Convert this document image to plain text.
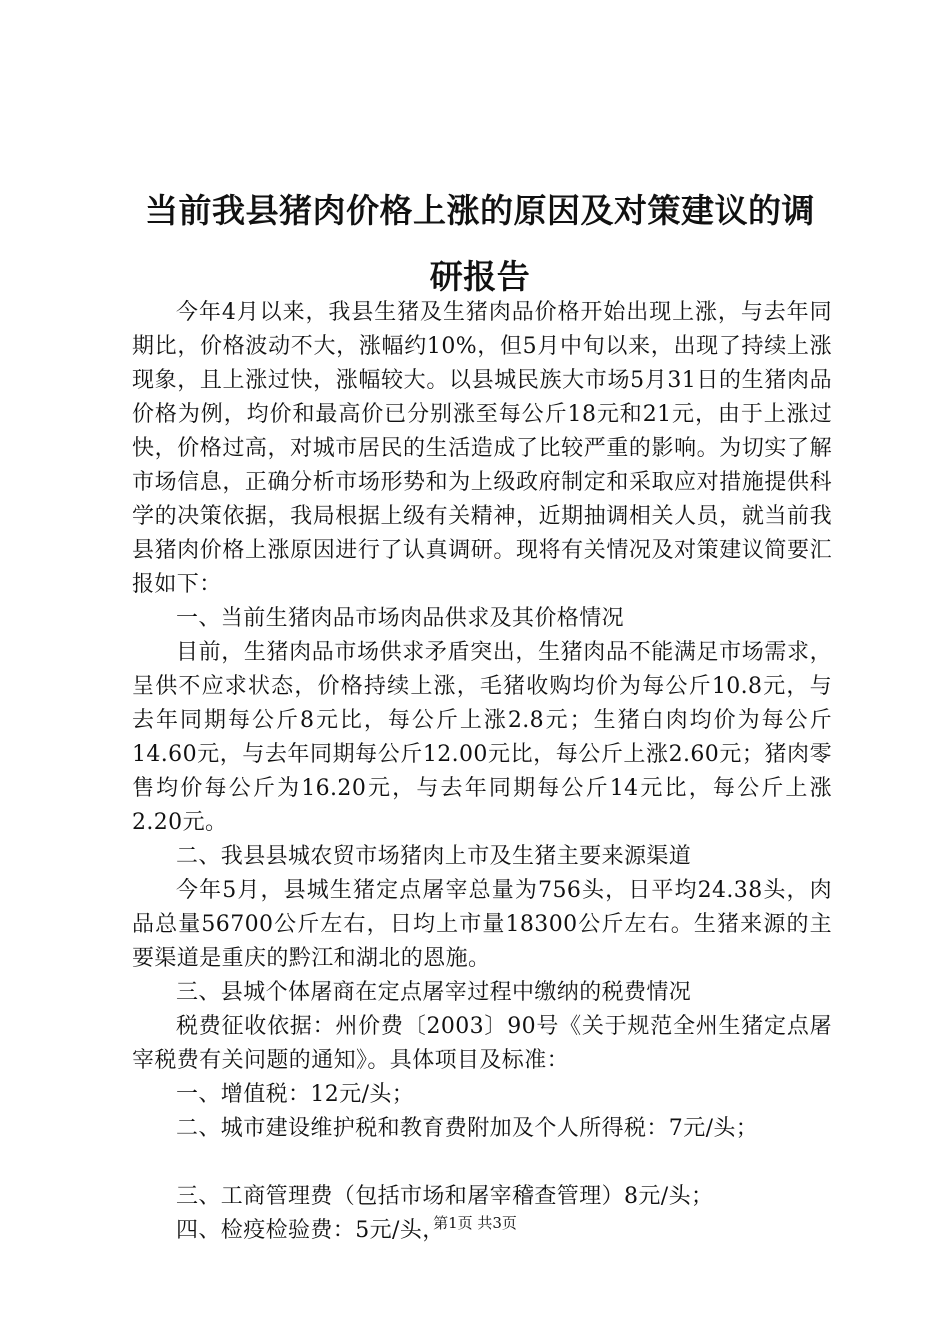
当前我县猪肉价格上涨的原因及对策建议的调研报告

今年4月以来，我县生猪及生猪肉品价格开始出现上涨，与去年同期比，价格波动不大，涨幅约10%，但5月中旬以来，出现了持续上涨现象，且上涨过快，涨幅较大。以县城民族大市场5月31日的生猪肉品价格为例，均价和最高价已分别涨至每公斤18元和21元，由于上涨过快，价格过高，对城市居民的生活造成了比较严重的影响。为切实了解市场信息，正确分析市场形势和为上级政府制定和采取应对措施提供科学的决策依据，我局根据上级有关精神，近期抽调相关人员，就当前我县猪肉价格上涨原因进行了认真调研。现将有关情况及对策建议简要汇报如下：

一、当前生猪肉品市场肉品供求及其价格情况

目前，生猪肉品市场供求矛盾突出，生猪肉品不能满足市场需求，呈供不应求状态，价格持续上涨，毛猪收购均价为每公斤10.8元，与去年同期每公斤8元比，每公斤上涨2.8元；生猪白肉均价为每公斤14.60元，与去年同期每公斤12.00元比，每公斤上涨2.60元；猪肉零售均价每公斤为16.20元，与去年同期每公斤14元比，每公斤上涨2.20元。

二、我县县城农贸市场猪肉上市及生猪主要来源渠道

今年5月，县城生猪定点屠宰总量为756头，日平均24.38头，肉品总量56700公斤左右，日均上市量18300公斤左右。生猪来源的主要渠道是重庆的黔江和湖北的恩施。

三、县城个体屠商在定点屠宰过程中缴纳的税费情况

税费征收依据：州价费〔2003〕90号《关于规范全州生猪定点屠宰税费有关问题的通知》。具体项目及标准：

一、增值税：12元/头；

二、城市建设维护税和教育费附加及个人所得税：7元/头；

三、工商管理费（包括市场和屠宰稽查管理）8元/头；

四、检疫检验费：5元/头，

第1页 共3页
